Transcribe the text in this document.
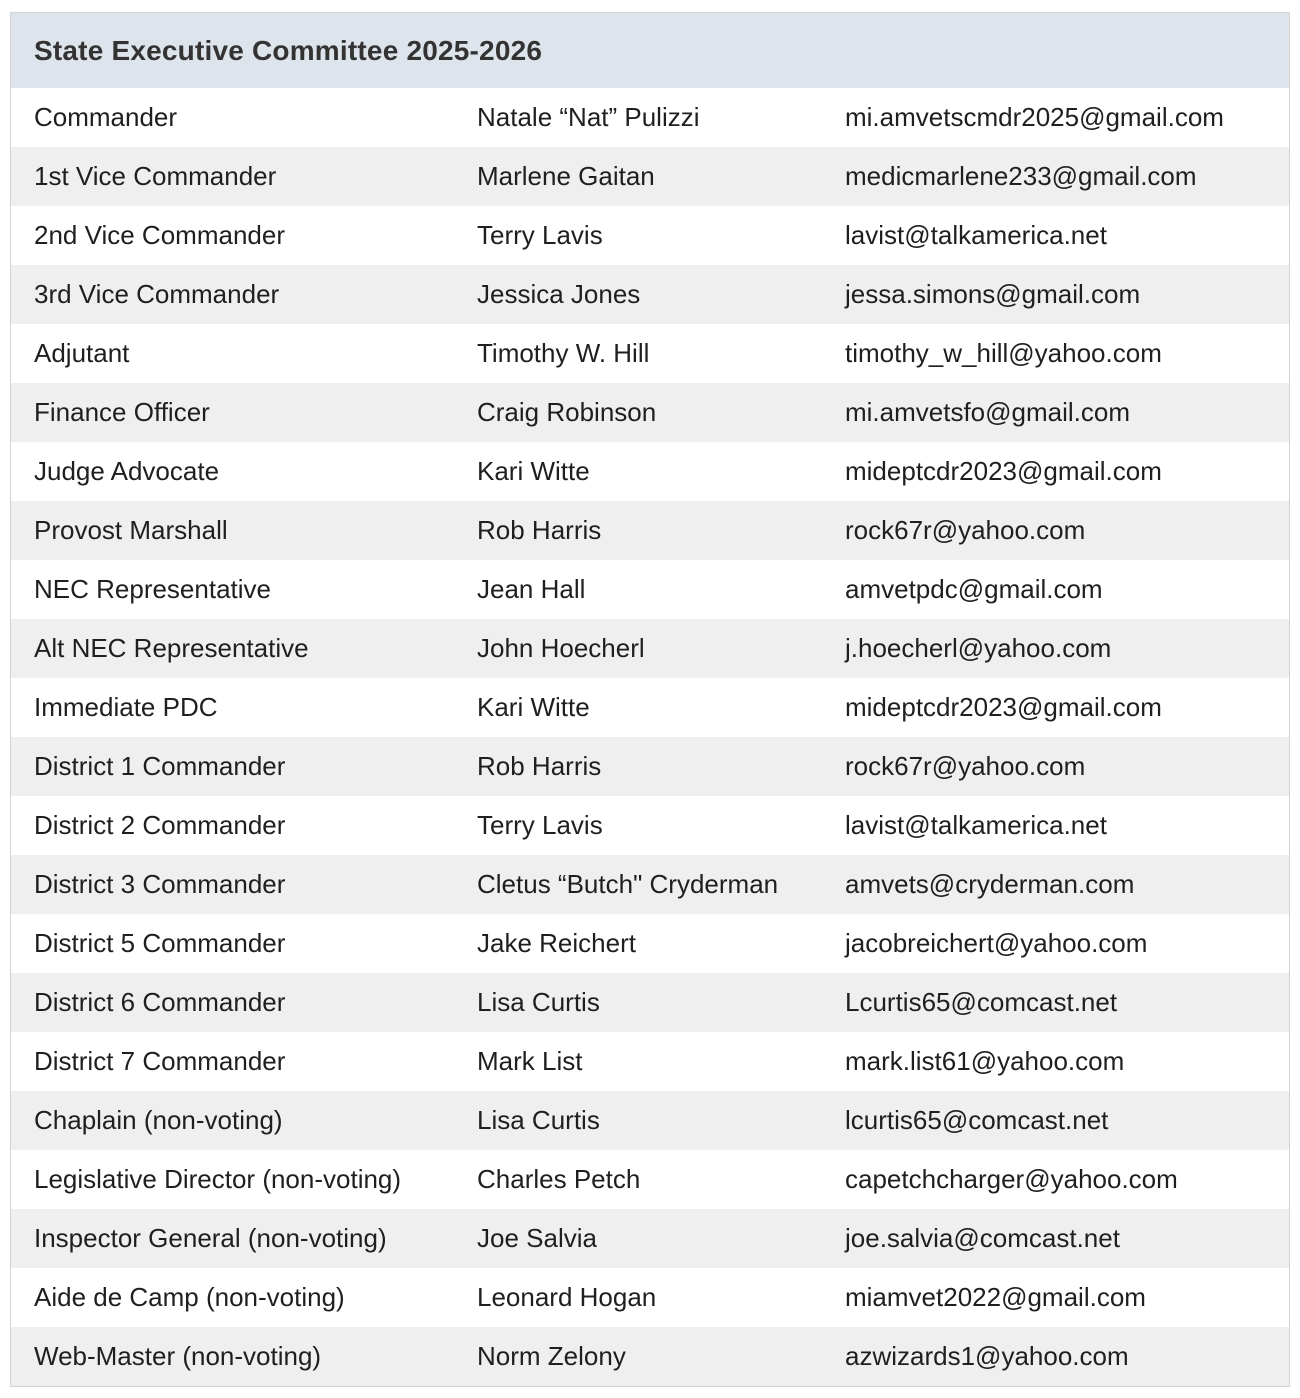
State Executive Committee 2025-2026
Commander	Natale “Nat” Pulizzi	mi.amvetscmdr2025@gmail.com
1st Vice Commander	Marlene Gaitan	medicmarlene233@gmail.com
2nd Vice Commander	Terry Lavis	lavist@talkamerica.net
3rd Vice Commander	Jessica Jones	jessa.simons@gmail.com
Adjutant	Timothy W. Hill	timothy_w_hill@yahoo.com
Finance Officer	Craig Robinson	mi.amvetsfo@gmail.com
Judge Advocate	Kari Witte	mideptcdr2023@gmail.com
Provost Marshall	Rob Harris	rock67r@yahoo.com
NEC Representative	Jean Hall	amvetpdc@gmail.com
Alt NEC Representative	John Hoecherl	j.hoecherl@yahoo.com
Immediate PDC	Kari Witte	mideptcdr2023@gmail.com
District 1 Commander	Rob Harris	rock67r@yahoo.com
District 2 Commander	Terry Lavis	lavist@talkamerica.net
District 3 Commander	Cletus “Butch" Cryderman	amvets@cryderman.com
District 5 Commander	Jake Reichert	jacobreichert@yahoo.com
District 6 Commander	Lisa Curtis	Lcurtis65@comcast.net
District 7 Commander	Mark List	mark.list61@yahoo.com
Chaplain (non-voting)	Lisa Curtis	lcurtis65@comcast.net
Legislative Director (non-voting)	Charles Petch	capetchcharger@yahoo.com
Inspector General (non-voting)	Joe Salvia	joe.salvia@comcast.net
Aide de Camp (non-voting)	Leonard Hogan	miamvet2022@gmail.com
Web-Master (non-voting)	Norm Zelony	azwizards1@yahoo.com
